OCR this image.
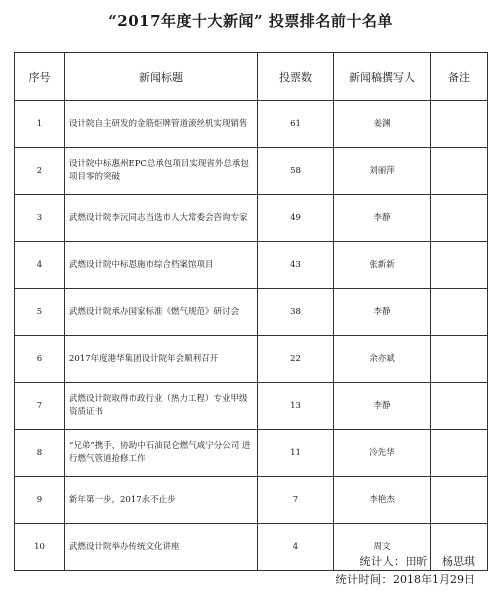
“2017年度十大新闻” 投票排名前十名单
序号	新闻标题	投票数	新闻稿撰写人	备注
1	设计院自主研发的金筋炬牌管道滚丝机实现销售	61	姜渊	
2	设计院中标惠州EPC总承包项目实现省外总承包项目零的突破	58	刘丽萍	
3	武燃设计院李沅同志当选市人大常委会咨询专家	49	李静	
4	武燃设计院中标恩施市综合档案馆项目	43	张新新	
5	武燃设计院承办国家标准《燃气规范》研讨会	38	李静	
6	2017年度港华集团设计院年会顺利召开	22	余亦斌	
7	武燃设计院取得市政行业（热力工程）专业甲级资质证书	13	李静	
8	“兄弟”携手，协助中石油昆仑燃气咸宁分公司 进行燃气管道抢修工作	11	冷先华	
9	新年第一步，2017永不止步	7	李艳杰	
10	武燃设计院举办传统文化讲座	4	周文	
统计人：田昕　 杨思琪
统计时间：2018年1月29日
